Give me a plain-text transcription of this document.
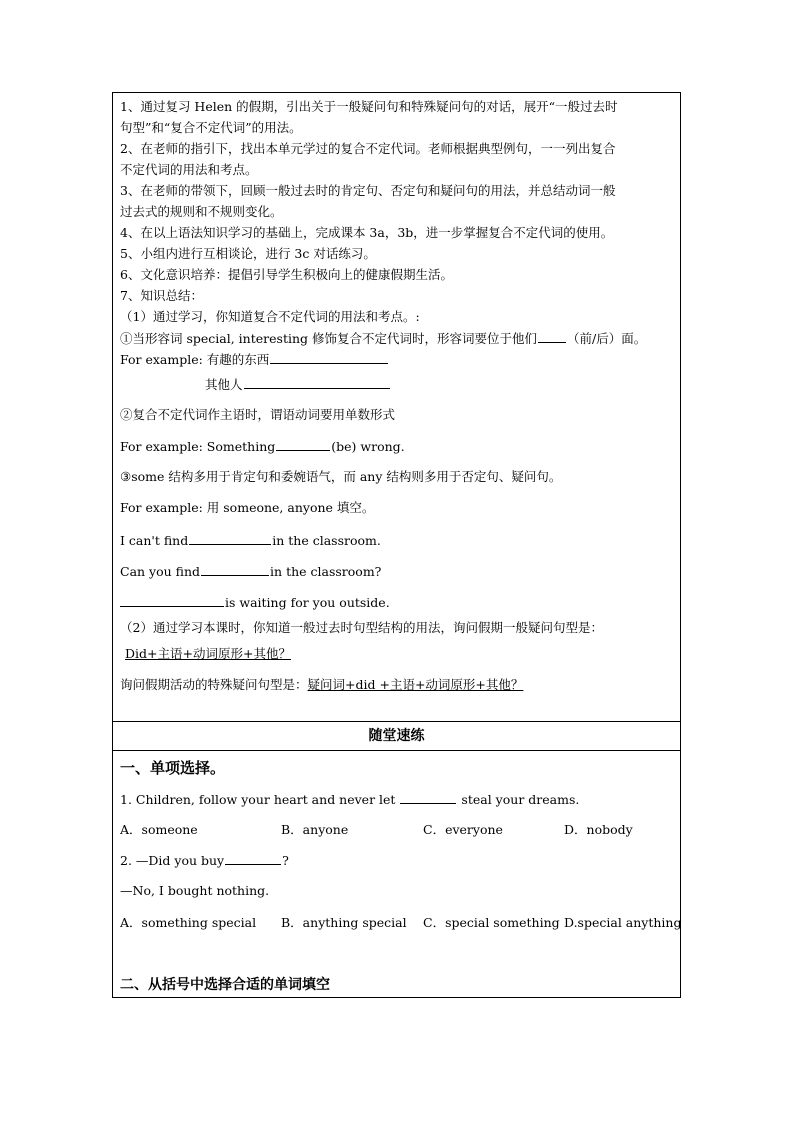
1、通过复习 Helen 的假期，引出关于一般疑问句和特殊疑问句的对话，展开“一般过去时
句型”和“复合不定代词”的用法。
2、在老师的指引下，找出本单元学过的复合不定代词。老师根据典型例句，一一列出复合
不定代词的用法和考点。
3、在老师的带领下，回顾一般过去时的肯定句、否定句和疑问句的用法，并总结动词一般
过去式的规则和不规则变化。
4、在以上语法知识学习的基础上，完成课本 3a，3b，进一步掌握复合不定代词的使用。
5、小组内进行互相谈论，进行 3c 对话练习。
6、文化意识培养：提倡引导学生积极向上的健康假期生活。
7、知识总结：
（1）通过学习，你知道复合不定代词的用法和考点。:
①当形容词 special, interesting 修饰复合不定代词时，形容词要位于他们 （前/后）面。
For example: 有趣的东西
其他人
②复合不定代词作主语时，谓语动词要用单数形式
For example: Something	(be) wrong.
③some 结构多用于肯定句和委婉语气，而 any 结构则多用于否定句、疑问句。
For example: 用 someone, anyone 填空。
I can't find	in the classroom.
Can you find	in the classroom?
is waiting for you outside.
（2）通过学习本课时，你知道一般过去时句型结构的用法，询问假期一般疑问句型是：
Did+主语+动词原形+其他？
询问假期活动的特殊疑问句型是：疑问词+did +主语+动词原形+其他？
随堂速练
一、单项选择。
1. Children, follow your heart and never let	steal your dreams.
A．someone	B．anyone	C．everyone	D．nobody
2. —Did you buy	?
—No, I bought nothing.
A．something special B．anything special C．special something D.special anything
二、从括号中选择合适的单词填空
